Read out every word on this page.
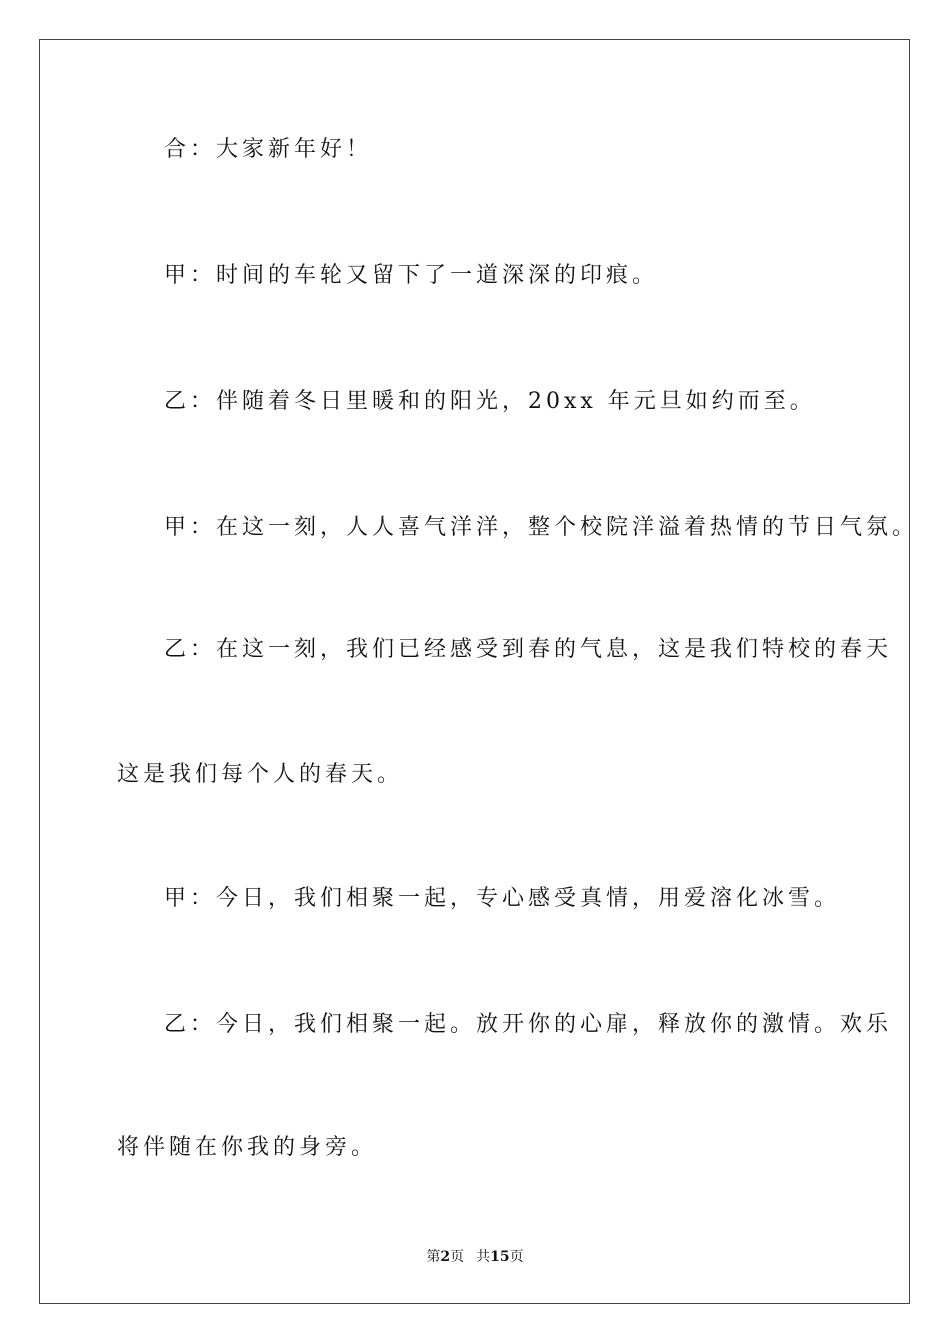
合：大家新年好！
甲：时间的车轮又留下了一道深深的印痕。
乙：伴随着冬日里暖和的阳光，20xx 年元旦如约而至。
甲：在这一刻，人人喜气洋洋，整个校院洋溢着热情的节日气氛。
乙：在这一刻，我们已经感受到春的气息，这是我们特校的春天
这是我们每个人的春天。
甲：今日，我们相聚一起，专心感受真情，用爱溶化冰雪。
乙：今日，我们相聚一起。放开你的心扉，释放你的激情。欢乐
将伴随在你我的身旁。
第2页 共15页
